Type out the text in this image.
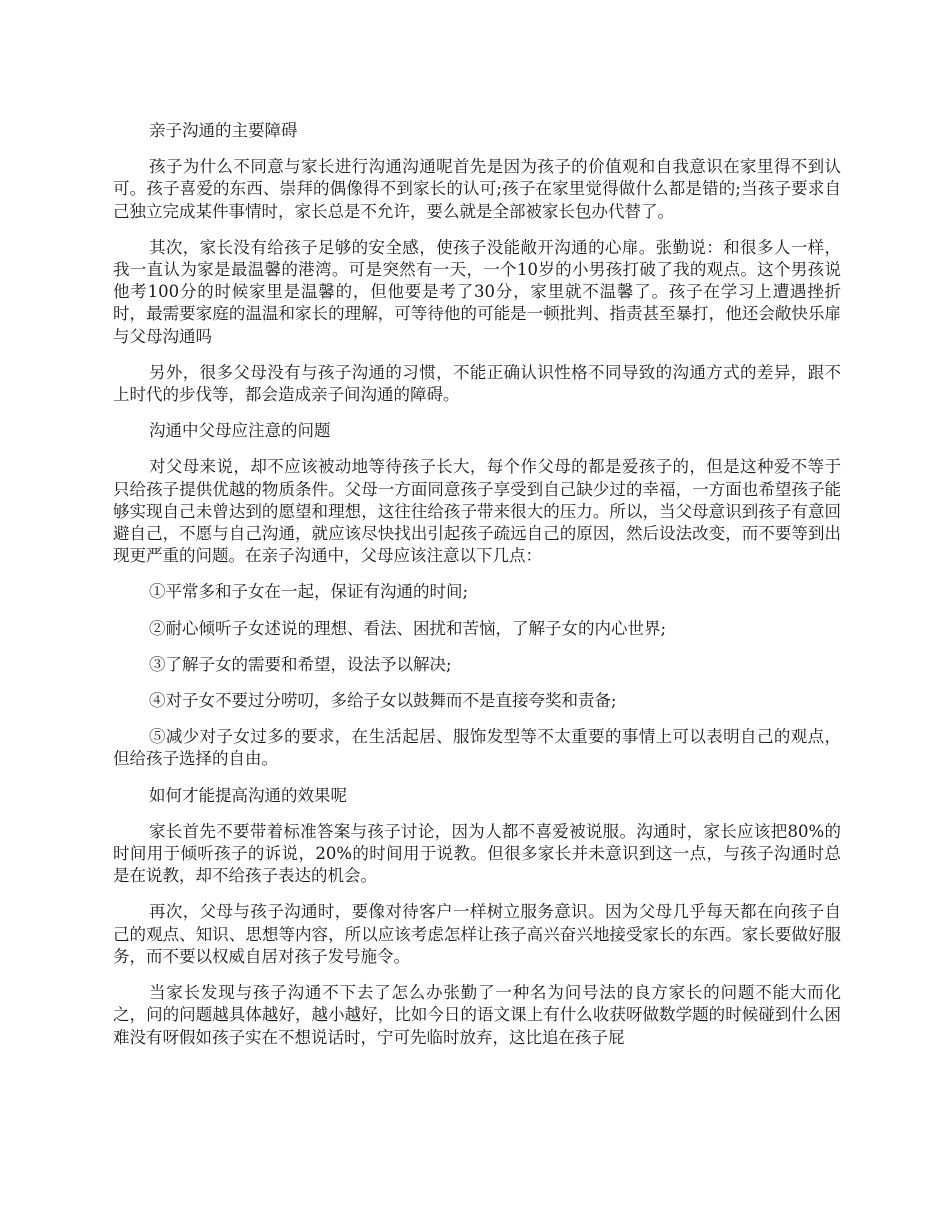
亲子沟通的主要障碍

孩子为什么不同意与家长进行沟通沟通呢首先是因为孩子的价值观和自我意识在家里得不到认可。孩子喜爱的东西、崇拜的偶像得不到家长的认可;孩子在家里觉得做什么都是错的;当孩子要求自己独立完成某件事情时，家长总是不允许，要么就是全部被家长包办代替了。

其次，家长没有给孩子足够的安全感，使孩子没能敞开沟通的心扉。张勤说：和很多人一样，我一直认为家是最温馨的港湾。可是突然有一天，一个10岁的小男孩打破了我的观点。这个男孩说他考100分的时候家里是温馨的，但他要是考了30分，家里就不温馨了。孩子在学习上遭遇挫折时，最需要家庭的温温和家长的理解，可等待他的可能是一顿批判、指责甚至暴打，他还会敞快乐扉与父母沟通吗

另外，很多父母没有与孩子沟通的习惯，不能正确认识性格不同导致的沟通方式的差异，跟不上时代的步伐等，都会造成亲子间沟通的障碍。

沟通中父母应注意的问题

对父母来说，却不应该被动地等待孩子长大，每个作父母的都是爱孩子的，但是这种爱不等于只给孩子提供优越的物质条件。父母一方面同意孩子享受到自己缺少过的幸福，一方面也希望孩子能够实现自己未曾达到的愿望和理想，这往往给孩子带来很大的压力。所以，当父母意识到孩子有意回避自己，不愿与自己沟通，就应该尽快找出引起孩子疏远自己的原因，然后设法改变，而不要等到出现更严重的问题。在亲子沟通中，父母应该注意以下几点：

①平常多和子女在一起，保证有沟通的时间;

②耐心倾听子女述说的理想、看法、困扰和苦恼，了解子女的内心世界;

③了解子女的需要和希望，设法予以解决;

④对子女不要过分唠叨，多给子女以鼓舞而不是直接夸奖和责备;

⑤减少对子女过多的要求，在生活起居、服饰发型等不太重要的事情上可以表明自己的观点，但给孩子选择的自由。

如何才能提高沟通的效果呢

家长首先不要带着标准答案与孩子讨论，因为人都不喜爱被说服。沟通时，家长应该把80%的时间用于倾听孩子的诉说，20%的时间用于说教。但很多家长并未意识到这一点，与孩子沟通时总是在说教，却不给孩子表达的机会。

再次，父母与孩子沟通时，要像对待客户一样树立服务意识。因为父母几乎每天都在向孩子自己的观点、知识、思想等内容，所以应该考虑怎样让孩子高兴奋兴地接受家长的东西。家长要做好服务，而不要以权威自居对孩子发号施令。

当家长发现与孩子沟通不下去了怎么办张勤了一种名为问号法的良方家长的问题不能大而化之，问的问题越具体越好，越小越好，比如今日的语文课上有什么收获呀做数学题的时候碰到什么困难没有呀假如孩子实在不想说话时，宁可先临时放弃，这比追在孩子屁
